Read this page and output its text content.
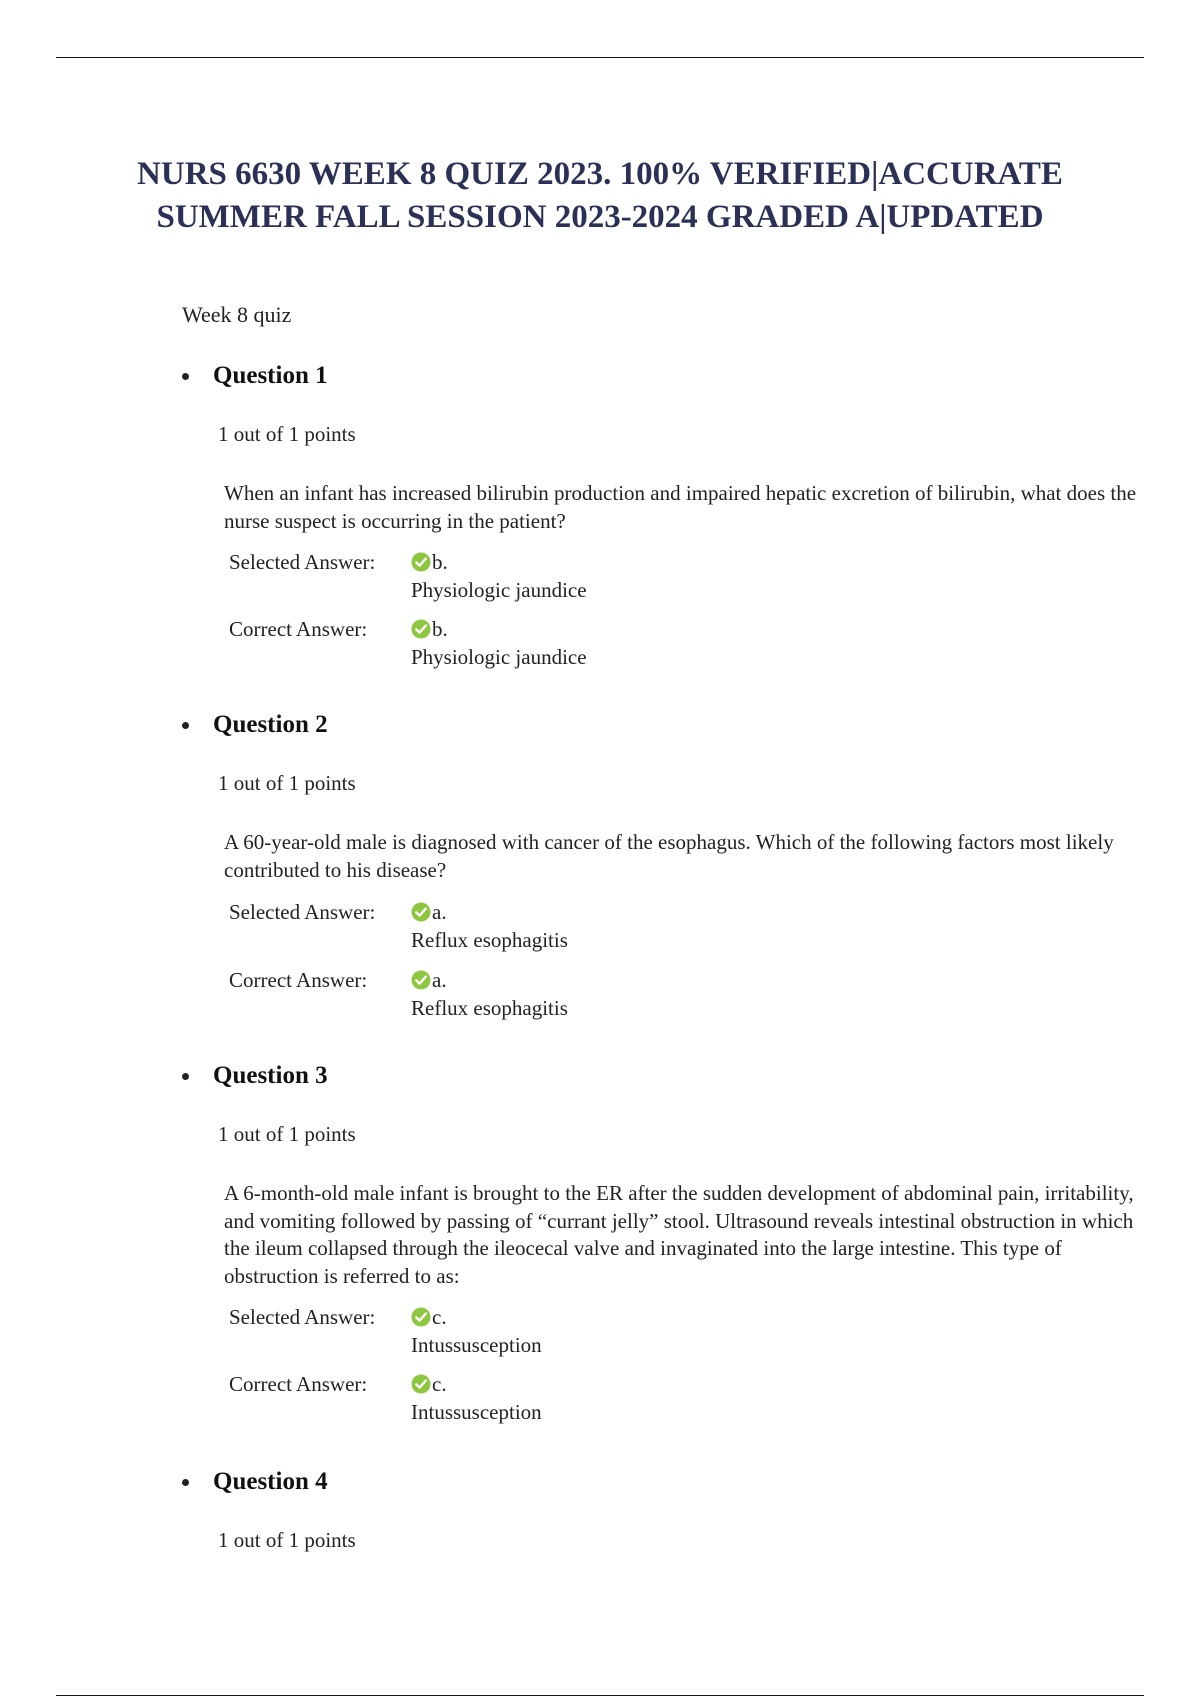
NURS 6630 WEEK 8 QUIZ 2023. 100% VERIFIED|ACCURATE SUMMER FALL SESSION 2023-2024 GRADED A|UPDATED

Week 8 quiz

Question 1
1 out of 1 points

When an infant has increased bilirubin production and impaired hepatic excretion of bilirubin, what does the nurse suspect is occurring in the patient?

Selected Answer:	b.
Physiologic jaundice
Correct Answer:	b.
Physiologic jaundice
Question 2
1 out of 1 points

A 60-year-old male is diagnosed with cancer of the esophagus. Which of the following factors most likely contributed to his disease?

Selected Answer:	a.
Reflux esophagitis
Correct Answer:	a.
Reflux esophagitis
Question 3
1 out of 1 points

A 6-month-old male infant is brought to the ER after the sudden development of abdominal pain, irritability, and vomiting followed by passing of “currant jelly” stool. Ultrasound reveals intestinal obstruction in which the ileum collapsed through the ileocecal valve and invaginated into the large intestine. This type of obstruction is referred to as:

Selected Answer:	c.
Intussusception
Correct Answer:	c.
Intussusception
Question 4
1 out of 1 points
